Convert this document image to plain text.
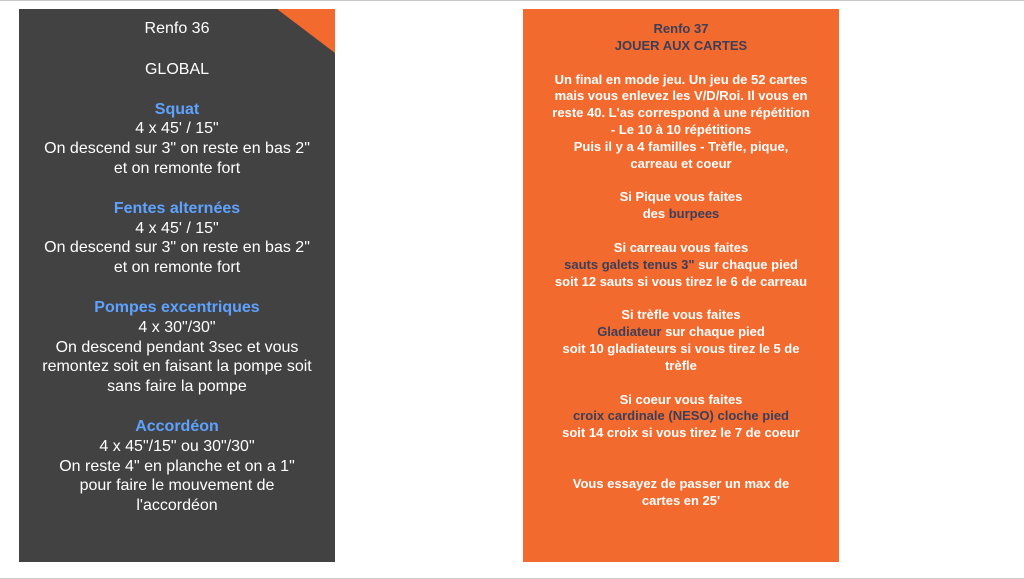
Renfo 36
GLOBAL
Squat
4 x 45' / 15"
On descend sur 3" on reste en bas 2"
et on remonte fort
Fentes alternées
4 x 45' / 15"
On descend sur 3" on reste en bas 2"
et on remonte fort
Pompes excentriques
4 x 30"/30"
On descend pendant 3sec et vous
remontez soit en faisant la pompe soit
sans faire la pompe
Accordéon
4 x 45"/15" ou 30"/30"
On reste 4" en planche et on a 1"
pour faire le mouvement de
l'accordéon
Renfo 37
JOUER AUX CARTES
Un final en mode jeu. Un jeu de 52 cartes
mais vous enlevez les V/D/Roi. Il vous en
reste 40. L'as correspond à une répétition
- Le 10 à 10 répétitions
Puis il y a 4 familles - Trèfle, pique,
carreau et coeur
Si Pique vous faites
des burpees
Si carreau vous faites
sauts galets tenus 3" sur chaque pied
soit 12 sauts si vous tirez le 6 de carreau
Si trèfle vous faites
Gladiateur sur chaque pied
soit 10 gladiateurs si vous tirez le 5 de
trèfle
Si coeur vous faites
croix cardinale (NESO) cloche pied
soit 14 croix si vous tirez le 7 de coeur
Vous essayez de passer un max de
cartes en 25'
